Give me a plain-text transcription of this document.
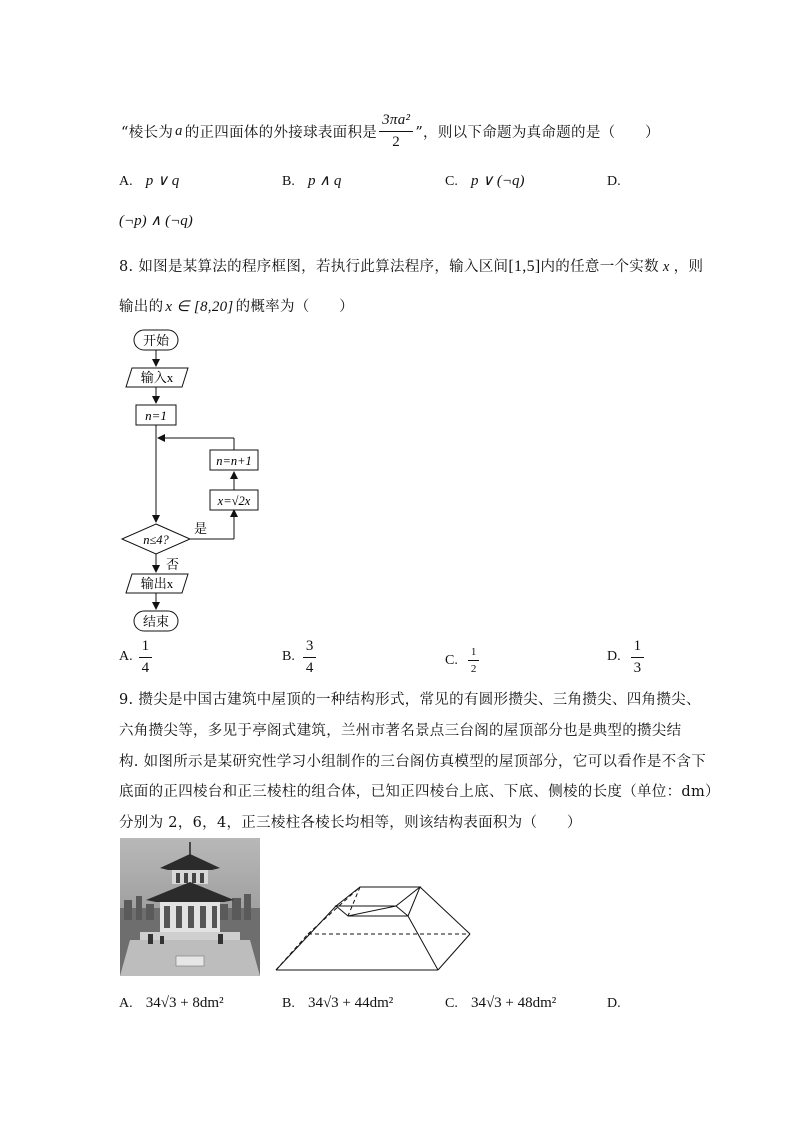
“棱长为 a 的正四面体的外接球表面积是 $\frac{\text{3πa²}}{2}$ ”，则以下命题为真命题的是（　　）
A. p ∨ q	B. p ∧ q	C. p ∨ (¬q)	D.
(¬p) ∧ (¬q)
8. 如图是某算法的程序框图，若执行此算法程序，输入区间[1,5]内的任意一个实数 x ，则
输出的 x ∈ [8,20] 的概率为（　　）
开始
输入x
n=1
n≤4?
是
x=√2x
n=n+1
否
输出x
结束
A. $\frac{1}{4}$	B. $\frac{3}{4}$	C. $\frac{1}{2}$	D. $\frac{1}{3}$
9. 攒尖是中国古建筑中屋顶的一种结构形式，常见的有圆形攒尖、三角攒尖、四角攒尖、
六角攒尖等，多见于亭阁式建筑，兰州市著名景点三台阁的屋顶部分也是典型的攒尖结
构. 如图所示是某研究性学习小组制作的三台阁仿真模型的屋顶部分，它可以看作是不含下
底面的正四棱台和正三棱柱的组合体，已知正四棱台上底、下底、侧棱的长度（单位：dm）
分别为 2，6，4，正三棱柱各棱长均相等，则该结构表面积为（　　）
A. 34√3 + 8dm²	B. 34√3 + 44dm²	C. 34√3 + 48dm²	D.
